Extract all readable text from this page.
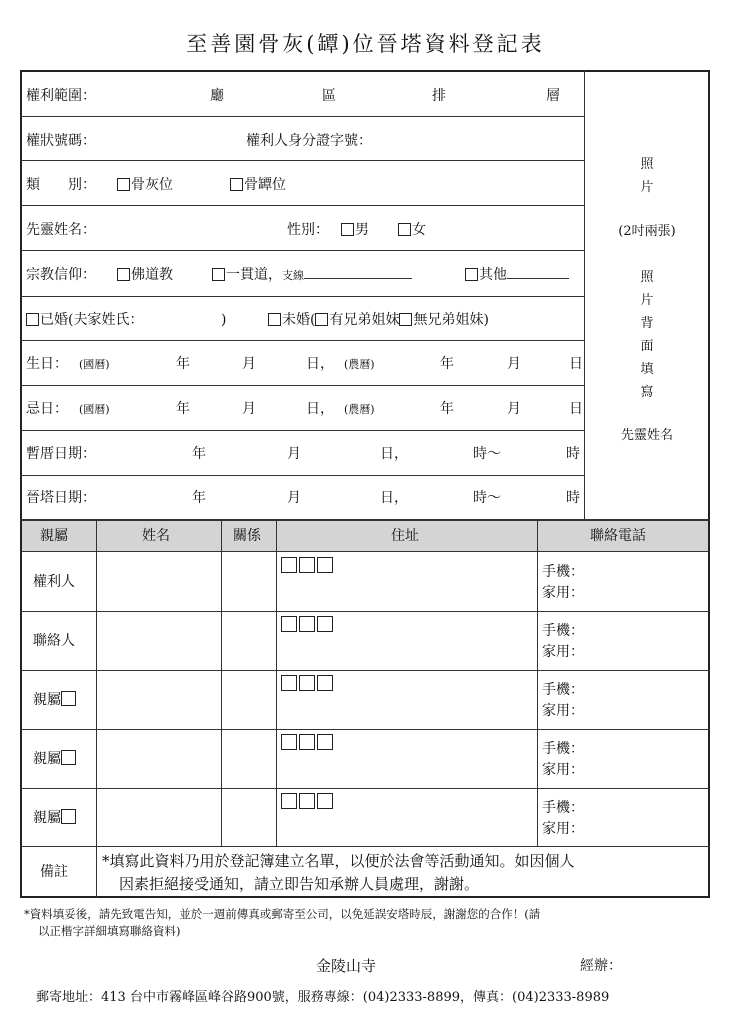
至善園骨灰(罈)位晉塔資料登記表
權利範圍：	廳	區	排	層
權狀號碼：	權利人身分證字號：
類　　別：	骨灰位	骨罈位
先靈姓名：	性別：	男	女
宗教信仰：	佛道教	一貫道，支線	其他
已婚(夫家姓氏：	)	未婚( 有兄弟姐妹 無兄弟姐妹)
生日： (國曆)	年	月	日， (農曆)	年	月	日
忌日： (國曆)	年	月	日， (農曆)	年	月	日
暫厝日期：	年	月	日，	時～	時
晉塔日期：	年	月	日，	時～	時
照
片
(2吋兩張)
照
片
背
面
填
寫
先靈姓名
親屬	姓名	關係	住址	聯絡電話
權利人
手機：
家用：
聯絡人
手機：
家用：
親屬
手機：
家用：
親屬
手機：
家用：
親屬
手機：
家用：
備註
*填寫此資料乃用於登記簿建立名單，以便於法會等活動通知。如因個人
因素拒絕接受通知，請立即告知承辦人員處理，謝謝。
*資料填妥後，請先致電告知，並於一週前傳真或郵寄至公司，以免延誤安塔時辰，謝謝您的合作！(請
以正楷字詳細填寫聯絡資料)
金陵山寺	經辦：
郵寄地址：413 台中市霧峰區峰谷路900號，服務專線：(04)2333-8899，傳真：(04)2333-8989
